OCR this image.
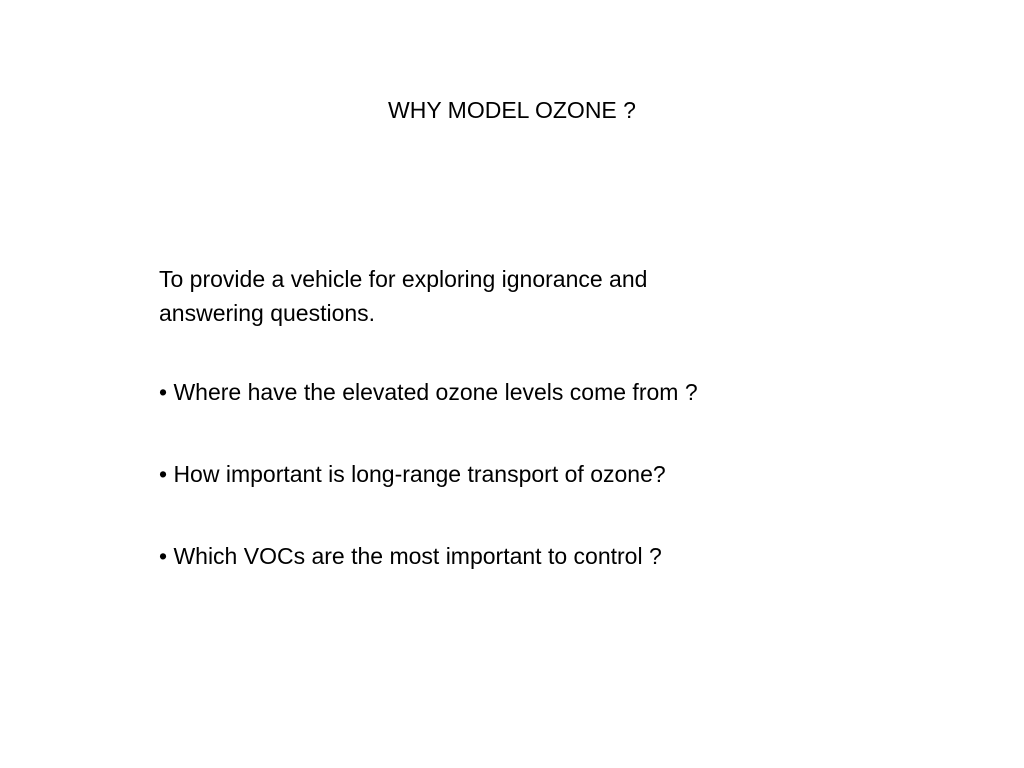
WHY MODEL OZONE ?

To provide a vehicle for exploring ignorance and
answering questions.

• Where have the elevated ozone levels come from ?

• How important is long-range transport of ozone?

• Which VOCs are the most important to control ?
